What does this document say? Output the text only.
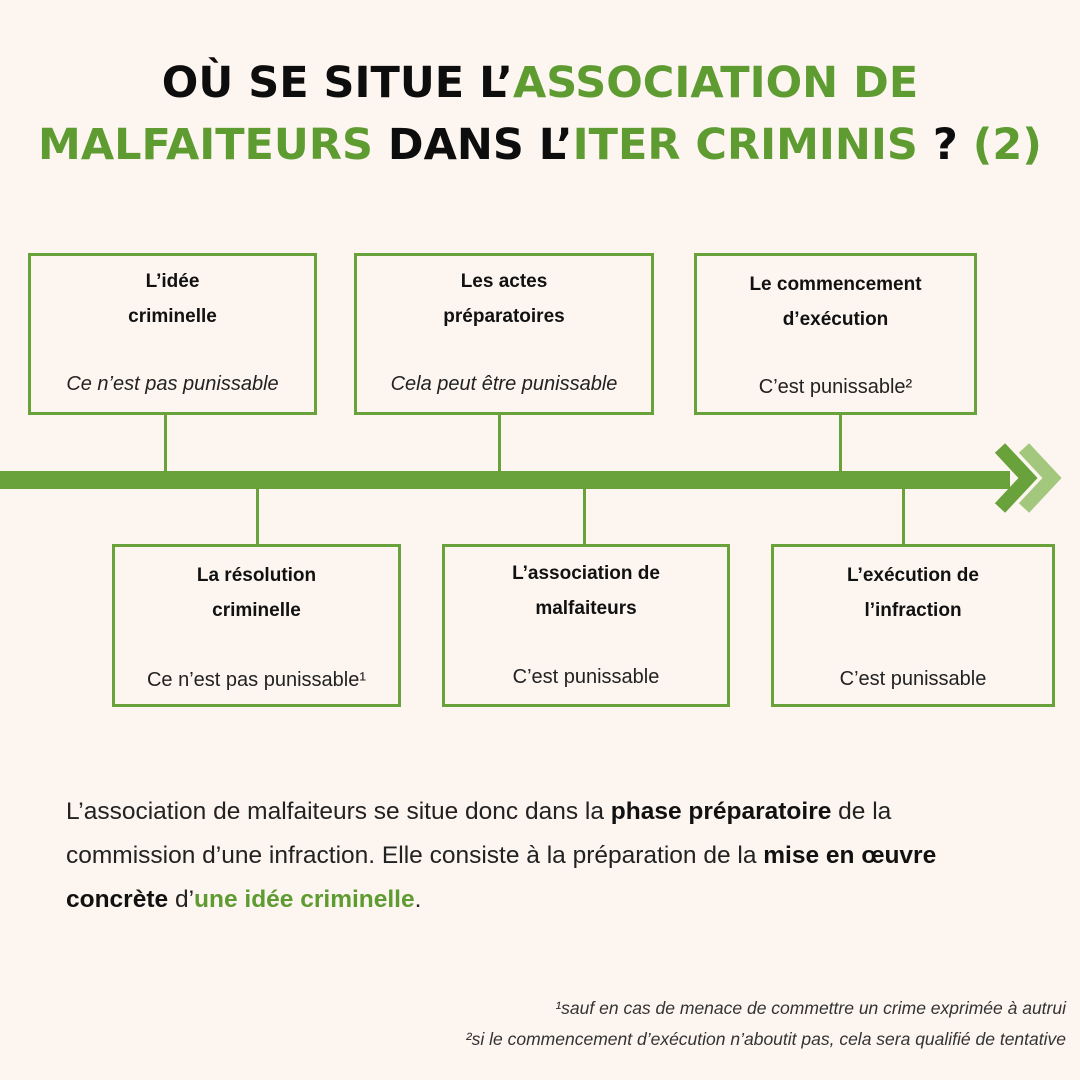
OÙ SE SITUE L’ASSOCIATION DE
MALFAITEURS DANS L’ITER CRIMINIS ? (2)
L’idée
criminelle
Ce n’est pas punissable
Les actes
préparatoires
Cela peut être punissable
Le commencement
d’exécution
C’est punissable²
La résolution
criminelle
Ce n’est pas punissable¹
L’association de
malfaiteurs
C’est punissable
L’exécution de
l’infraction
C’est punissable
L’association de malfaiteurs se situe donc dans la phase préparatoire de la commission d’une infraction. Elle consiste à la préparation de la mise en œuvre concrète d’une idée criminelle.
¹sauf en cas de menace de commettre un crime exprimée à autrui
²si le commencement d’exécution n’aboutit pas, cela sera qualifié de tentative
